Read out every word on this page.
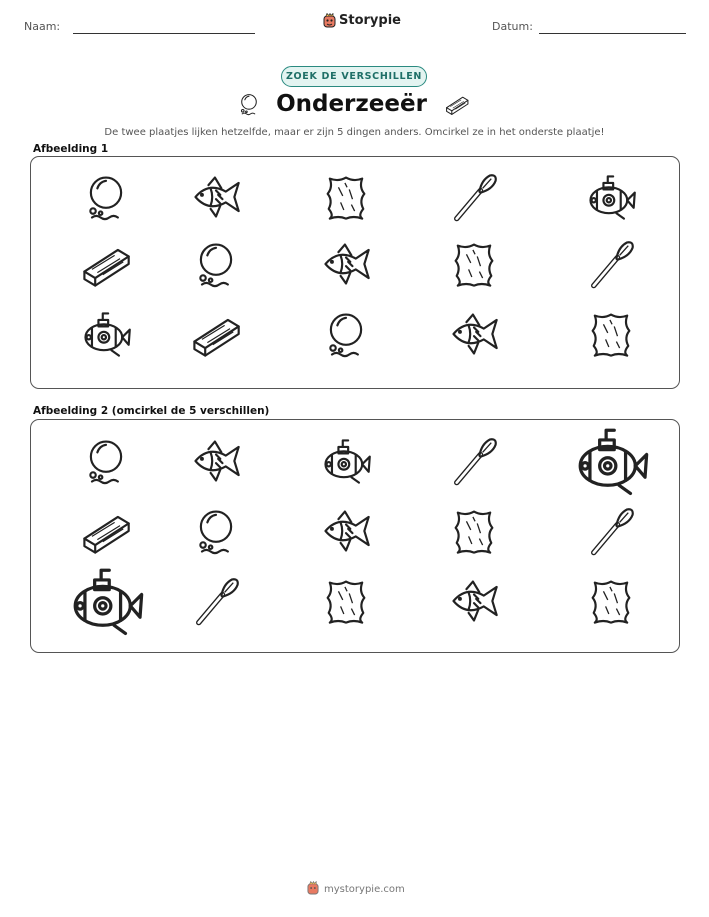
Naam:	Storypie	Datum:
ZOEK DE VERSCHILLEN
Onderzeeër
De twee plaatjes lijken hetzelfde, maar er zijn 5 dingen anders. Omcirkel ze in het onderste plaatje!
Afbeelding 1
Afbeelding 2 (omcirkel de 5 verschillen)
mystorypie.com
